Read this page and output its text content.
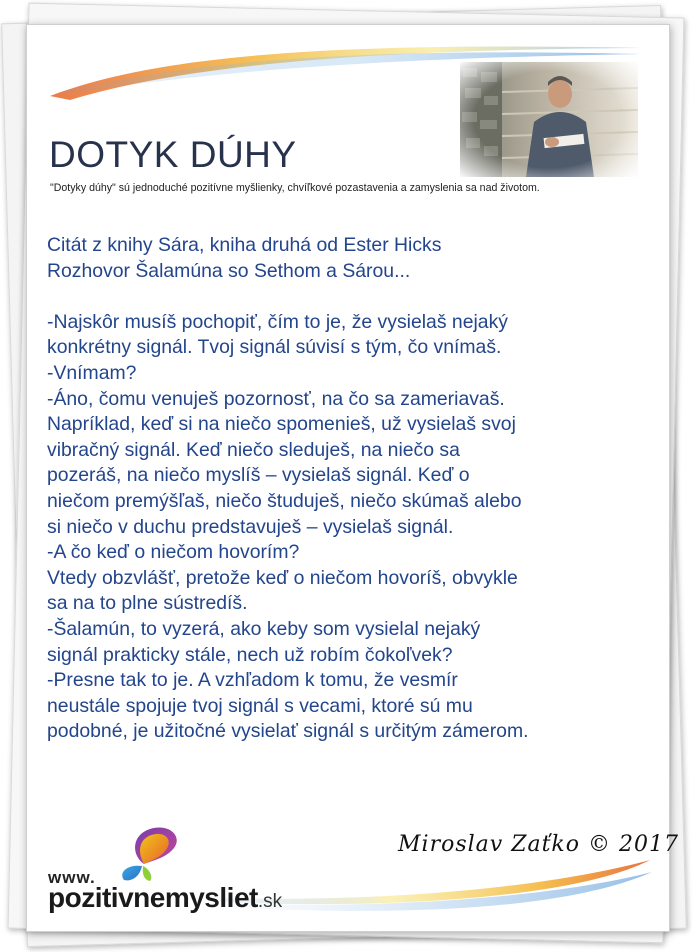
DOTYK DÚHY

"Dotyky dúhy" sú jednoduché pozitívne myšlienky, chvíľkové pozastavenia a zamyslenia sa nad životom.

Citát z knihy Sára, kniha druhá od Ester Hicks

Rozhovor Šalamúna so Sethom a Sárou...

-Najskôr musíš pochopiť, čím to je, že vysielaš nejaký

konkrétny signál. Tvoj signál súvisí s tým, čo vnímaš.

-Vnímam?

-Áno, čomu venuješ pozornosť, na čo sa zameriavaš.

Napríklad, keď si na niečo spomenieš, už vysielaš svoj

vibračný signál. Keď niečo sleduješ, na niečo sa

pozeráš, na niečo myslíš – vysielaš signál. Keď o

niečom premýšľaš, niečo študuješ, niečo skúmaš alebo

si niečo v duchu predstavuješ – vysielaš signál.

-A čo keď o niečom hovorím?

Vtedy obzvlášť, pretože keď o niečom hovoríš, obvykle

sa na to plne sústredíš.

-Šalamún, to vyzerá, ako keby som vysielal nejaký

signál prakticky stále, nech už robím čokoľvek?

-Presne tak to je. A vzhľadom k tomu, že vesmír

neustále spojuje tvoj signál s vecami, ktoré sú mu

podobné, je užitočné vysielať signál s určitým zámerom.

Miroslav Zaťko © 2017

www.
pozitivnemysliet.sk
